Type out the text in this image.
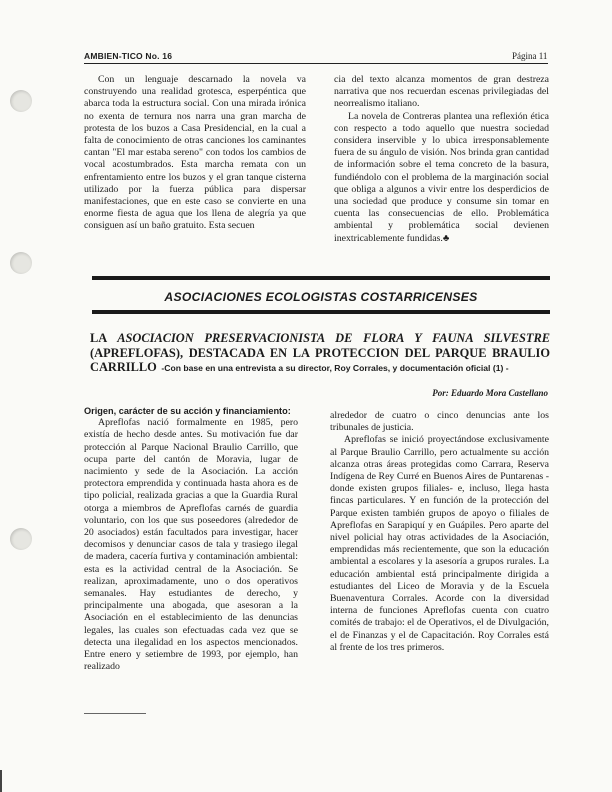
AMBIEN-TICO No. 16	Página 11

Con un lenguaje descarnado la novela va construyendo una realidad grotesca, esperpéntica que abarca toda la estructura social. Con una mirada irónica no exenta de ternura nos narra una gran marcha de protesta de los buzos a Casa Presidencial, en la cual a falta de conocimiento de otras canciones los caminantes cantan "El mar estaba sereno" con todos los cambios de vocal acostumbrados. Esta marcha remata con un enfrentamiento entre los buzos y el gran tanque cisterna utilizado por la fuerza pública para dispersar manifestaciones, que en este caso se convierte en una enorme fiesta de agua que los llena de alegría ya que consiguen así un baño gratuito. Esta secuen

cia del texto alcanza momentos de gran destreza narrativa que nos recuerdan escenas privilegiadas del neorrealismo italiano.

La novela de Contreras plantea una reflexión ética con respecto a todo aquello que nuestra sociedad considera inservible y lo ubica irresponsablemente fuera de su ángulo de visión. Nos brinda gran cantidad de información sobre el tema concreto de la basura, fundiéndolo con el problema de la marginación social que obliga a algunos a vivir entre los desperdicios de una sociedad que produce y consume sin tomar en cuenta las consecuencias de ello. Problemática ambiental y problemática social devienen inextricablemente fundidas.♣

ASOCIACIONES ECOLOGISTAS COSTARRICENSES
LA ASOCIACION PRESERVACIONISTA DE FLORA Y FAUNA SILVESTRE (APREFLOFAS), DESTACADA EN LA PROTECCION DEL PARQUE BRAULIO CARRILLO -Con base en una entrevista a su director, Roy Corrales, y documentación oficial (1) -
Por: Eduardo Mora Castellano

Origen, carácter de su acción y financiamiento:

Apreflofas nació formalmente en 1985, pero existía de hecho desde antes. Su motivación fue dar protección al Parque Nacional Braulio Carrillo, que ocupa parte del cantón de Moravia, lugar de nacimiento y sede de la Asociación. La acción protectora emprendida y continuada hasta ahora es de tipo policial, realizada gracias a que la Guardia Rural otorga a miembros de Apreflofas carnés de guardia voluntario, con los que sus poseedores (alrededor de 20 asociados) están facultados para investigar, hacer decomisos y denunciar casos de tala y trasiego ilegal de madera, cacería furtiva y contaminación ambiental: esta es la actividad central de la Asociación. Se realizan, aproximadamente, uno o dos operativos semanales. Hay estudiantes de derecho, y principalmente una abogada, que asesoran a la Asociación en el establecimiento de las denuncias legales, las cuales son efectuadas cada vez que se detecta una ilegalidad en los aspectos mencionados. Entre enero y setiembre de 1993, por ejemplo, han realizado

alrededor de cuatro o cinco denuncias ante los tribunales de justicia.

Apreflofas se inició proyectándose exclusivamente al Parque Braulio Carrillo, pero actualmente su acción alcanza otras áreas protegidas como Carrara, Reserva Indígena de Rey Curré en Buenos Aires de Puntarenas -donde existen grupos filiales- e, incluso, llega hasta fincas particulares. Y en función de la protección del Parque existen también grupos de apoyo o filiales de Apreflofas en Sarapiquí y en Guápiles. Pero aparte del nivel policial hay otras actividades de la Asociación, emprendidas más recientemente, que son la educación ambiental a escolares y la asesoría a grupos rurales. La educación ambiental está principalmente dirigida a estudiantes del Liceo de Moravia y de la Escuela Buenaventura Corrales. Acorde con la diversidad interna de funciones Apreflofas cuenta con cuatro comités de trabajo: el de Operativos, el de Divulgación, el de Finanzas y el de Capacitación. Roy Corrales está al frente de los tres primeros.
